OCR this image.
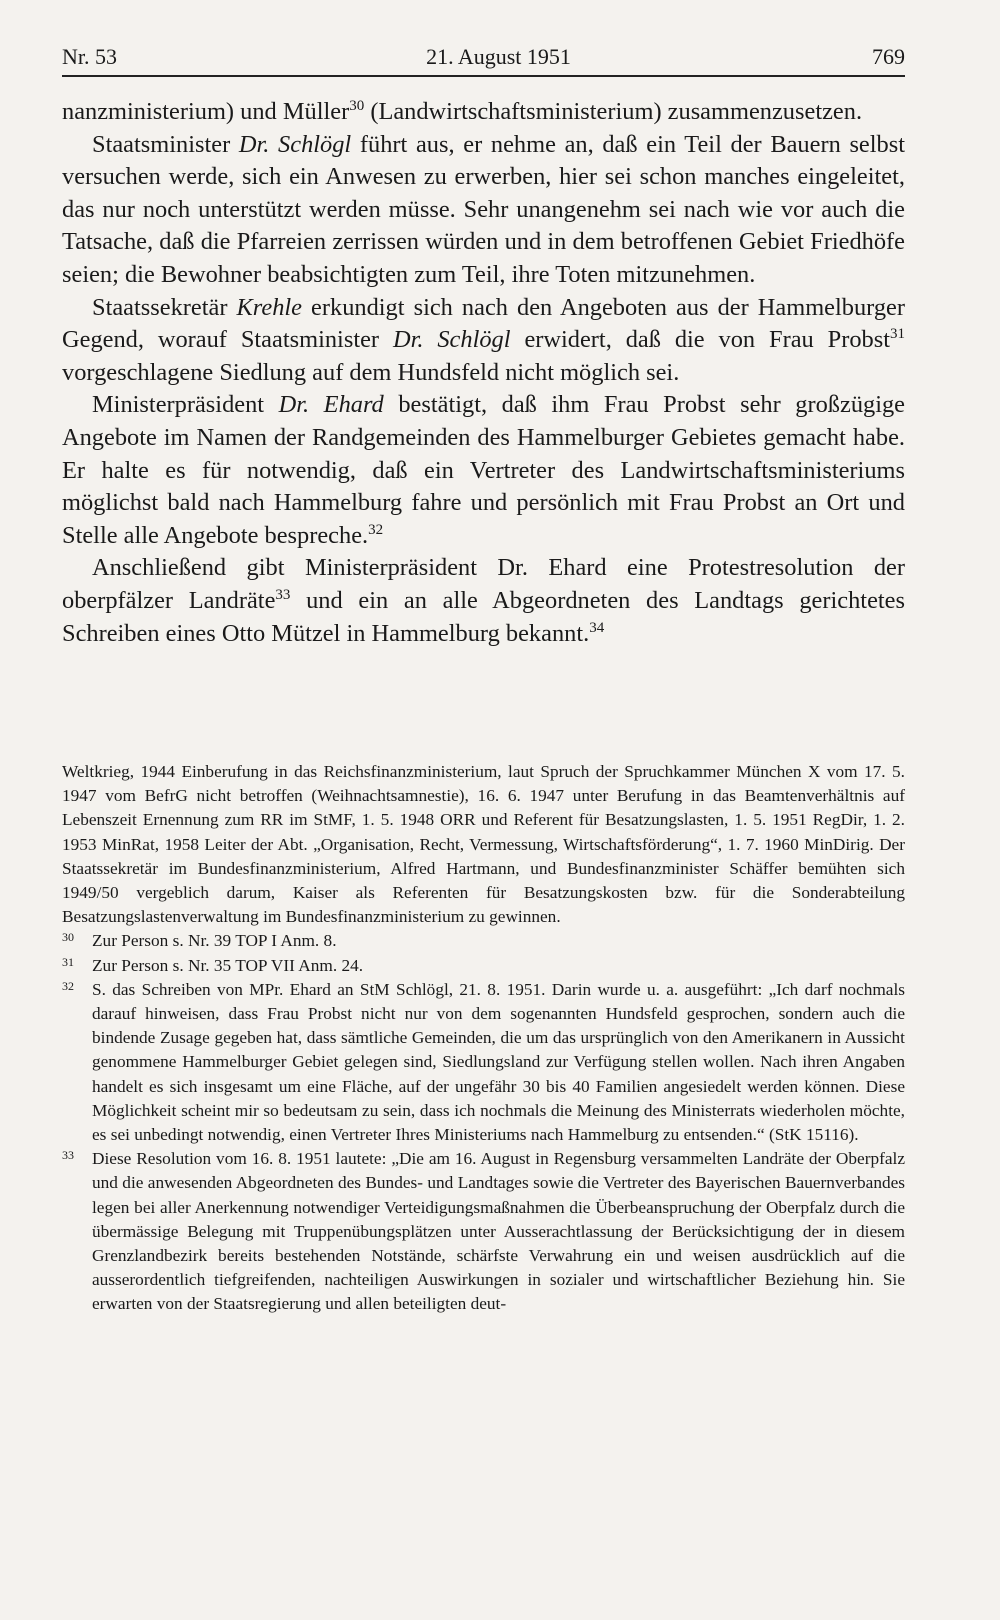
Nr. 53	21. August 1951	769

nanzministerium) und Müller$^{30}$ (Landwirtschaftsministerium) zusammenzusetzen.

Staatsminister Dr. Schlögl führt aus, er nehme an, daß ein Teil der Bauern selbst versuchen werde, sich ein Anwesen zu erwerben, hier sei schon manches eingeleitet, das nur noch unterstützt werden müsse. Sehr unangenehm sei nach wie vor auch die Tatsache, daß die Pfarreien zerrissen würden und in dem betroffenen Gebiet Friedhöfe seien; die Bewohner beabsichtigten zum Teil, ihre Toten mitzunehmen.

Staatssekretär Krehle erkundigt sich nach den Angeboten aus der Hammelburger Gegend, worauf Staatsminister Dr. Schlögl erwidert, daß die von Frau Probst$^{31}$ vorgeschlagene Siedlung auf dem Hundsfeld nicht möglich sei.

Ministerpräsident Dr. Ehard bestätigt, daß ihm Frau Probst sehr großzügige Angebote im Namen der Randgemeinden des Hammelburger Gebietes gemacht habe. Er halte es für notwendig, daß ein Vertreter des Landwirtschaftsministeriums möglichst bald nach Hammelburg fahre und persönlich mit Frau Probst an Ort und Stelle alle Angebote bespreche.$^{32}$

Anschließend gibt Ministerpräsident Dr. Ehard eine Protestresolution der oberpfälzer Landräte$^{33}$ und ein an alle Abgeordneten des Landtags gerichtetes Schreiben eines Otto Mützel in Hammelburg bekannt.$^{34}$

Weltkrieg, 1944 Einberufung in das Reichsfinanzministerium, laut Spruch der Spruchkammer München X vom 17. 5. 1947 vom BefrG nicht betroffen (Weihnachtsamnestie), 16. 6. 1947 unter Berufung in das Beamtenverhältnis auf Lebenszeit Ernennung zum RR im StMF, 1. 5. 1948 ORR und Referent für Besatzungslasten, 1. 5. 1951 RegDir, 1. 2. 1953 MinRat, 1958 Leiter der Abt. „Organisation, Recht, Vermessung, Wirtschaftsförderung“, 1. 7. 1960 MinDirig. Der Staatssekretär im Bundesfinanzministerium, Alfred Hartmann, und Bundesfinanzminister Schäffer bemühten sich 1949/50 vergeblich darum, Kaiser als Referenten für Besatzungskosten bzw. für die Sonderabteilung Besatzungslastenverwaltung im Bundesfinanzministerium zu gewinnen.

30 Zur Person s. Nr. 39 TOP I Anm. 8.

31 Zur Person s. Nr. 35 TOP VII Anm. 24.

32 S. das Schreiben von MPr. Ehard an StM Schlögl, 21. 8. 1951. Darin wurde u. a. ausgeführt: „Ich darf nochmals darauf hinweisen, dass Frau Probst nicht nur von dem sogenannten Hundsfeld gesprochen, sondern auch die bindende Zusage gegeben hat, dass sämtliche Gemeinden, die um das ursprünglich von den Amerikanern in Aussicht genommene Hammelburger Gebiet gelegen sind, Siedlungsland zur Verfügung stellen wollen. Nach ihren Angaben handelt es sich insgesamt um eine Fläche, auf der ungefähr 30 bis 40 Familien angesiedelt werden können. Diese Möglichkeit scheint mir so bedeutsam zu sein, dass ich nochmals die Meinung des Ministerrats wiederholen möchte, es sei unbedingt notwendig, einen Vertreter Ihres Ministeriums nach Hammelburg zu entsenden.“ (StK 15116).

33 Diese Resolution vom 16. 8. 1951 lautete: „Die am 16. August in Regensburg versammelten Landräte der Oberpfalz und die anwesenden Abgeordneten des Bundes- und Landtages sowie die Vertreter des Bayerischen Bauernverbandes legen bei aller Anerkennung notwendiger Verteidigungsmaßnahmen die Überbeanspruchung der Oberpfalz durch die übermässige Belegung mit Truppenübungsplätzen unter Ausserachtlassung der Berücksichtigung der in diesem Grenzlandbezirk bereits bestehenden Notstände, schärfste Verwahrung ein und weisen ausdrücklich auf die ausserordentlich tiefgreifenden, nachteiligen Auswirkungen in sozialer und wirtschaftlicher Beziehung hin. Sie erwarten von der Staatsregierung und allen beteiligten deut-
